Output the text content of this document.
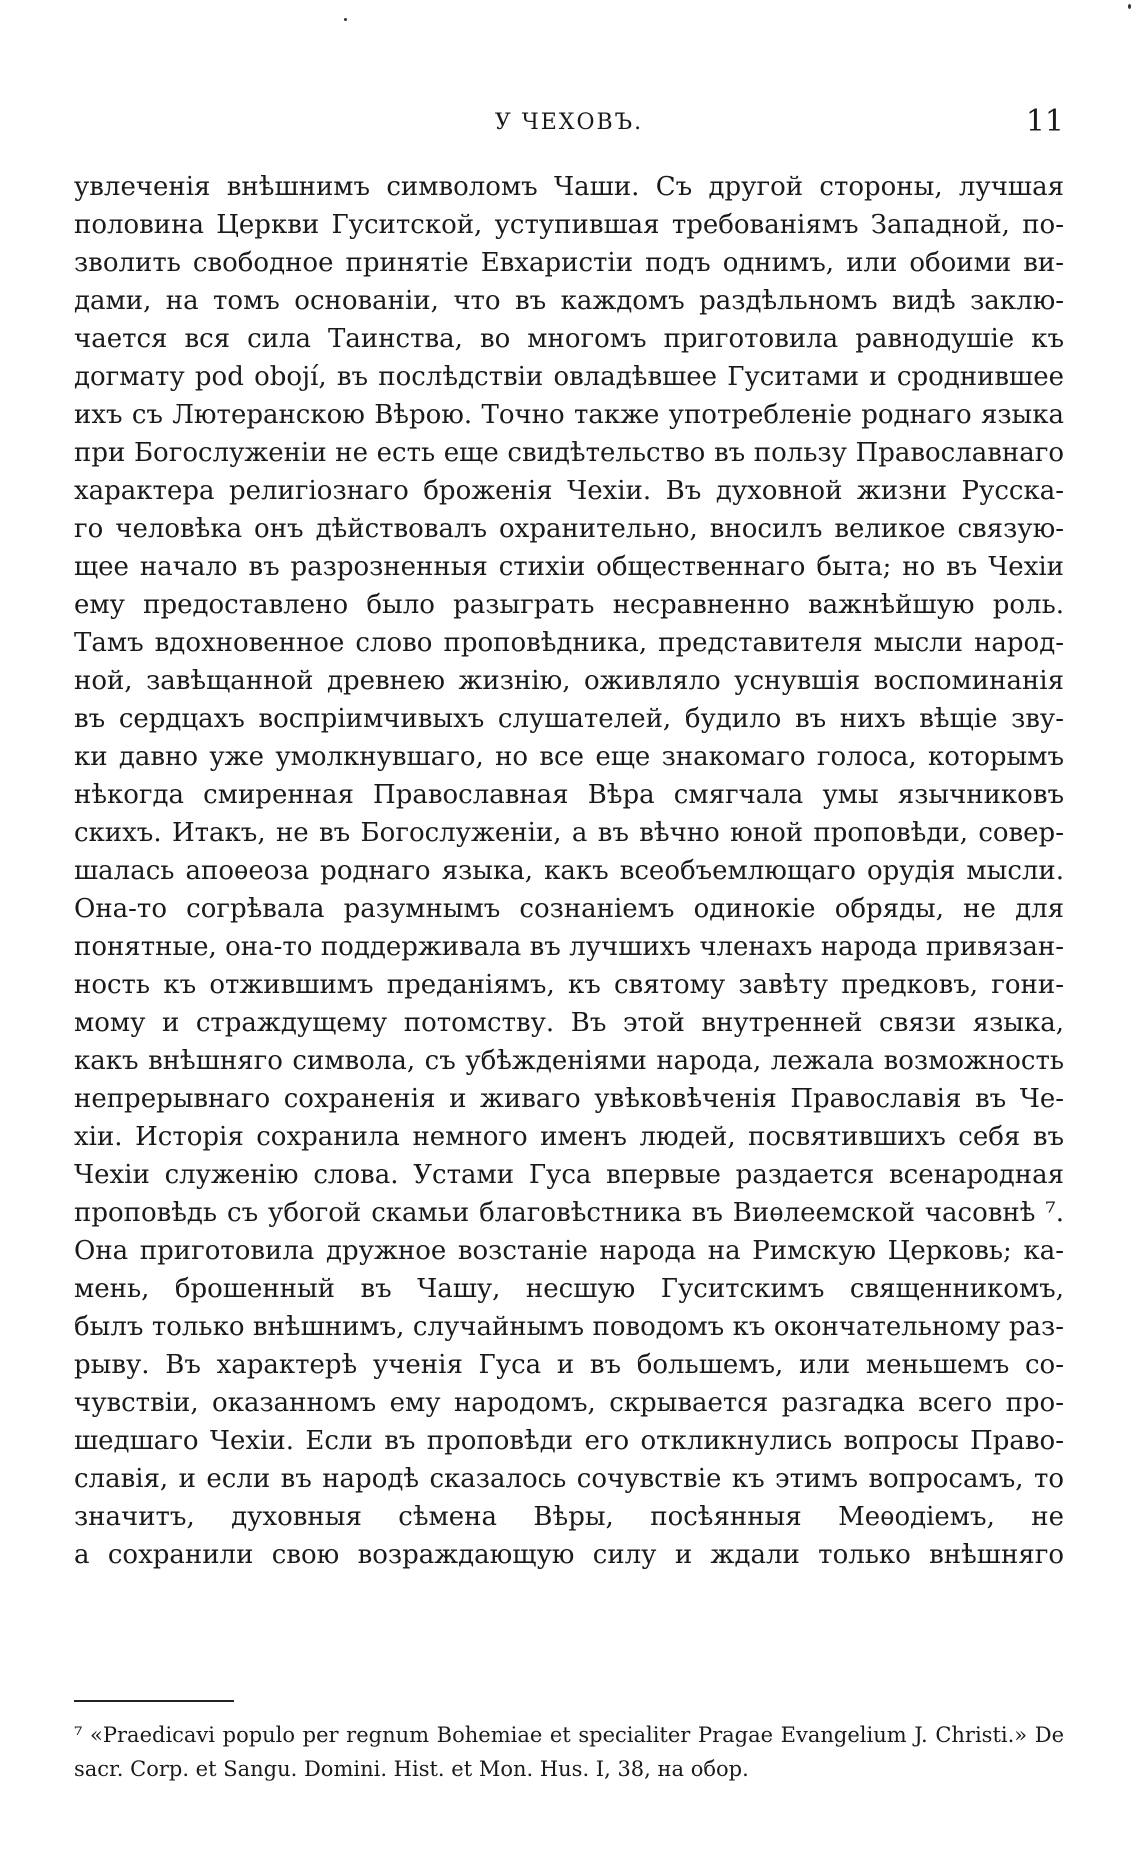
У ЧЕХОВЪ.	11
увлеченія внѣшнимъ символомъ Чаши. Съ другой стороны, лучшая
половина Церкви Гуситской, уступившая требованіямъ Западной, по-
зволить свободное принятіе Евхаристіи подъ однимъ, или обоими ви-
дами, на томъ основаніи, что въ каждомъ раздѣльномъ видѣ заклю-
чается вся сила Таинства, во многомъ приготовила равнодушіе къ
догмату pod obojí, въ послѣдствіи овладѣвшее Гуситами и сроднившее
ихъ съ Лютеранскою Вѣрою. Точно также употребленіе роднаго языка
при Богослуженіи не есть еще свидѣтельство въ пользу Православнаго
характера религіознаго броженія Чехіи. Въ духовной жизни Русска-
го человѣка онъ дѣйствовалъ охранительно, вносилъ великое связую-
щее начало въ разрозненныя стихіи общественнаго быта; но въ Чехіи
ему предоставлено было разыграть несравненно важнѣйшую роль.
Тамъ вдохновенное слово проповѣдника, представителя мысли народ-
ной, завѣщанной древнею жизнію, оживляло уснувшія воспоминанія
въ сердцахъ воспріимчивыхъ слушателей, будило въ нихъ вѣщіе зву-
ки давно уже умолкнувшаго, но все еще знакомаго голоса, которымъ
нѣкогда смиренная Православная Вѣра смягчала умы язычниковъ
скихъ. Итакъ, не въ Богослуженіи, а въ вѣчно юной проповѣди, совер-
шалась апоѳеоза роднаго языка, какъ всеобъемлющаго орудія мысли.
Она-то согрѣвала разумнымъ сознаніемъ одинокіе обряды, не для
понятные, она-то поддерживала въ лучшихъ членахъ народа привязан-
ность къ отжившимъ преданіямъ, къ святому завѣту предковъ, гони-
мому и страждущему потомству. Въ этой внутренней связи языка,
какъ внѣшняго символа, съ убѣжденіями народа, лежала возможность
непрерывнаго сохраненія и живаго увѣковѣченія Православія въ Че-
хіи. Исторія сохранила немного именъ людей, посвятившихъ себя въ
Чехіи служенію слова. Устами Гуса впервые раздается всенародная
проповѣдь съ убогой скамьи благовѣстника въ Виѳлеемской часовнѣ ⁷.
Она приготовила дружное возстаніе народа на Римскую Церковь; ка-
мень, брошенный въ Чашу, несшую Гуситскимъ священникомъ,
былъ только внѣшнимъ, случайнымъ поводомъ къ окончательному раз-
рыву. Въ характерѣ ученія Гуса и въ большемъ, или меньшемъ со-
чувствіи, оказанномъ ему народомъ, скрывается разгадка всего про-
шедшаго Чехіи. Если въ проповѣди его откликнулись вопросы Право-
славія, и если въ народѣ сказалось сочувствіе къ этимъ вопросамъ, то
значитъ, духовныя сѣмена Вѣры, посѣянныя Меѳодіемъ, не
а сохранили свою возраждающую силу и ждали только внѣшняго
⁷ «Praedicavi populo per regnum Bohemiae et specialiter Pragae Evangelium J. Christi.» De
sacr. Corp. et Sangu. Domini. Hist. et Mon. Hus. I, 38, на обор.
